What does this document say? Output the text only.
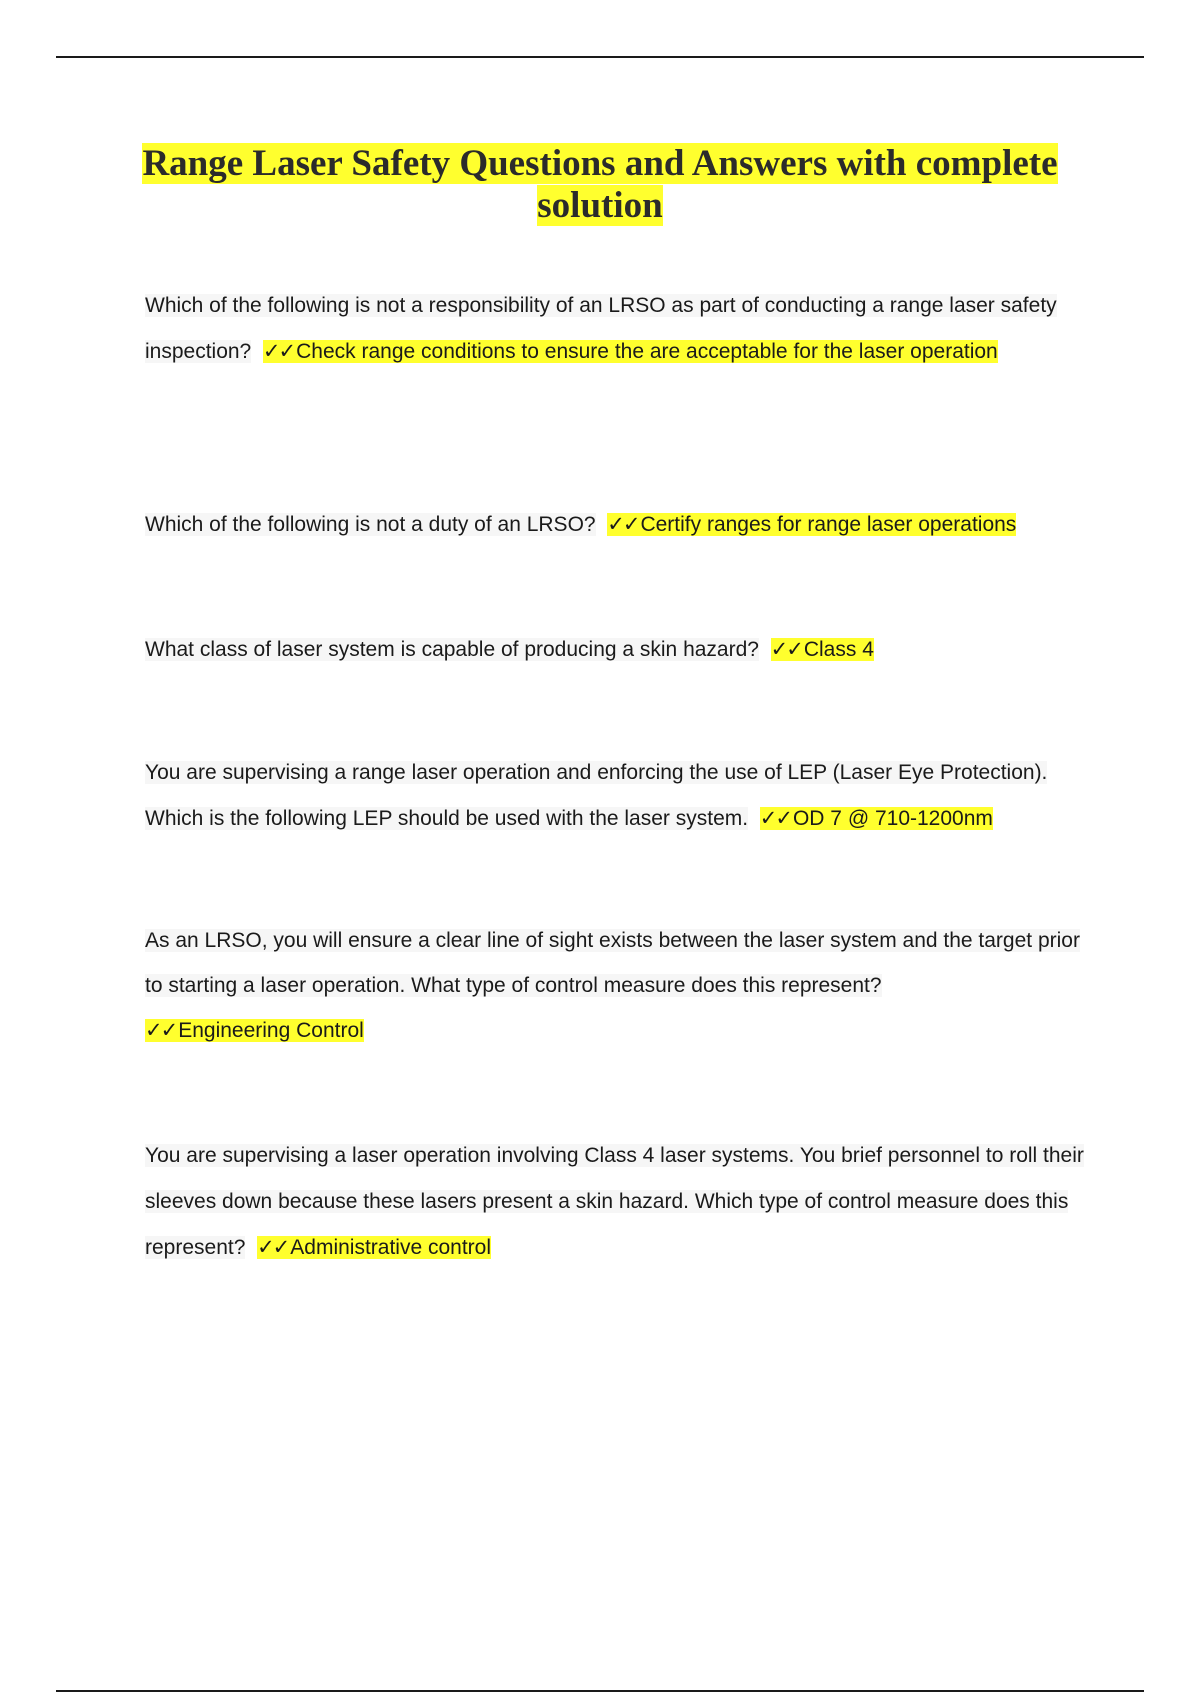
Range Laser Safety Questions and Answers with complete solution

Which of the following is not a responsibility of an LRSO as part of conducting a range laser safety inspection? ✓✓Check range conditions to ensure the are acceptable for the laser operation

Which of the following is not a duty of an LRSO? ✓✓Certify ranges for range laser operations

What class of laser system is capable of producing a skin hazard? ✓✓Class 4

You are supervising a range laser operation and enforcing the use of LEP (Laser Eye Protection). Which is the following LEP should be used with the laser system. ✓✓OD 7 @ 710-1200nm

As an LRSO, you will ensure a clear line of sight exists between the laser system and the target prior to starting a laser operation. What type of control measure does this represent?
✓✓Engineering Control

You are supervising a laser operation involving Class 4 laser systems. You brief personnel to roll their sleeves down because these lasers present a skin hazard. Which type of control measure does this represent? ✓✓Administrative control
